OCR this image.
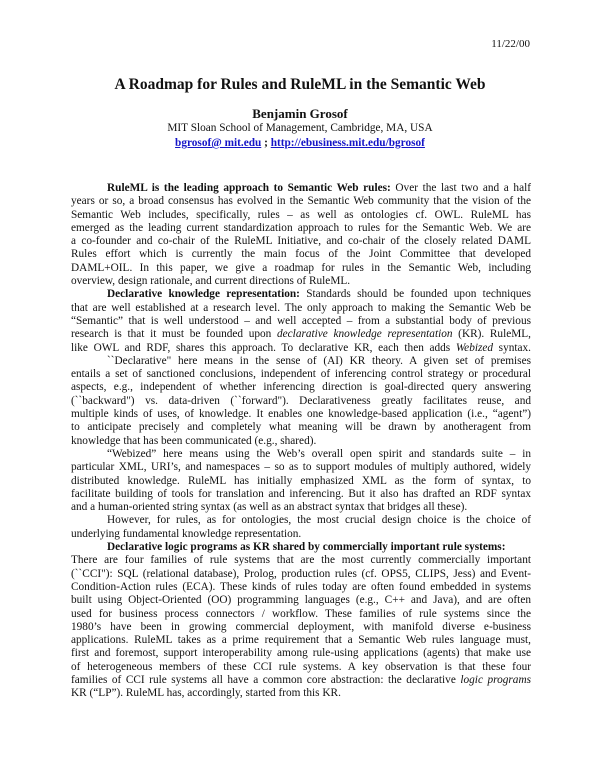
11/22/00
A Roadmap for Rules and RuleML in the Semantic Web
Benjamin Grosof
MIT Sloan School of Management, Cambridge, MA, USA
bgrosof@ mit.edu ; http://ebusiness.mit.edu/bgrosof
RuleML is the leading approach to Semantic Web rules: Over the last two and a half
years or so, a broad consensus has evolved in the Semantic Web community that the vision of the
Semantic Web includes, specifically, rules – as well as ontologies cf. OWL. RuleML has
emerged as the leading current standardization approach to rules for the Semantic Web. We are
a co-founder and co-chair of the RuleML Initiative, and co-chair of the closely related DAML
Rules effort which is currently the main focus of the Joint Committee that developed
DAML+OIL. In this paper, we give a roadmap for rules in the Semantic Web, including
overview, design rationale, and current directions of RuleML.
Declarative knowledge representation: Standards should be founded upon techniques
that are well established at a research level. The only approach to making the Semantic Web be
“Semantic” that is well understood – and well accepted – from a substantial body of previous
research is that it must be founded upon declarative knowledge representation (KR). RuleML,
like OWL and RDF, shares this approach. To declarative KR, each then adds Webized syntax.
``Declarative" here means in the sense of (AI) KR theory. A given set of premises
entails a set of sanctioned conclusions, independent of inferencing control strategy or procedural
aspects, e.g., independent of whether inferencing direction is goal-directed query answering
(``backward") vs. data-driven (``forward"). Declarativeness greatly facilitates reuse, and
multiple kinds of uses, of knowledge. It enables one knowledge-based application (i.e., “agent”)
to anticipate precisely and completely what meaning will be drawn by anotheragent from
knowledge that has been communicated (e.g., shared).
“Webized” here means using the Web’s overall open spirit and standards suite – in
particular XML, URI’s, and namespaces – so as to support modules of multiply authored, widely
distributed knowledge. RuleML has initially emphasized XML as the form of syntax, to
facilitate building of tools for translation and inferencing. But it also has drafted an RDF syntax
and a human-oriented string syntax (as well as an abstract syntax that bridges all these).
However, for rules, as for ontologies, the most crucial design choice is the choice of
underlying fundamental knowledge representation.
Declarative logic programs as KR shared by commercially important rule systems:
There are four families of rule systems that are the most currently commercially important
(``CCI"): SQL (relational database), Prolog, production rules (cf. OPS5, CLIPS, Jess) and Event-
Condition-Action rules (ECA). These kinds of rules today are often found embedded in systems
built using Object-Oriented (OO) programming languages (e.g., C++ and Java), and are often
used for business process connectors / workflow. These families of rule systems since the
1980’s have been in growing commercial deployment, with manifold diverse e-business
applications. RuleML takes as a prime requirement that a Semantic Web rules language must,
first and foremost, support interoperability among rule-using applications (agents) that make use
of heterogeneous members of these CCI rule systems. A key observation is that these four
families of CCI rule systems all have a common core abstraction: the declarative logic programs
KR (“LP”). RuleML has, accordingly, started from this KR.
